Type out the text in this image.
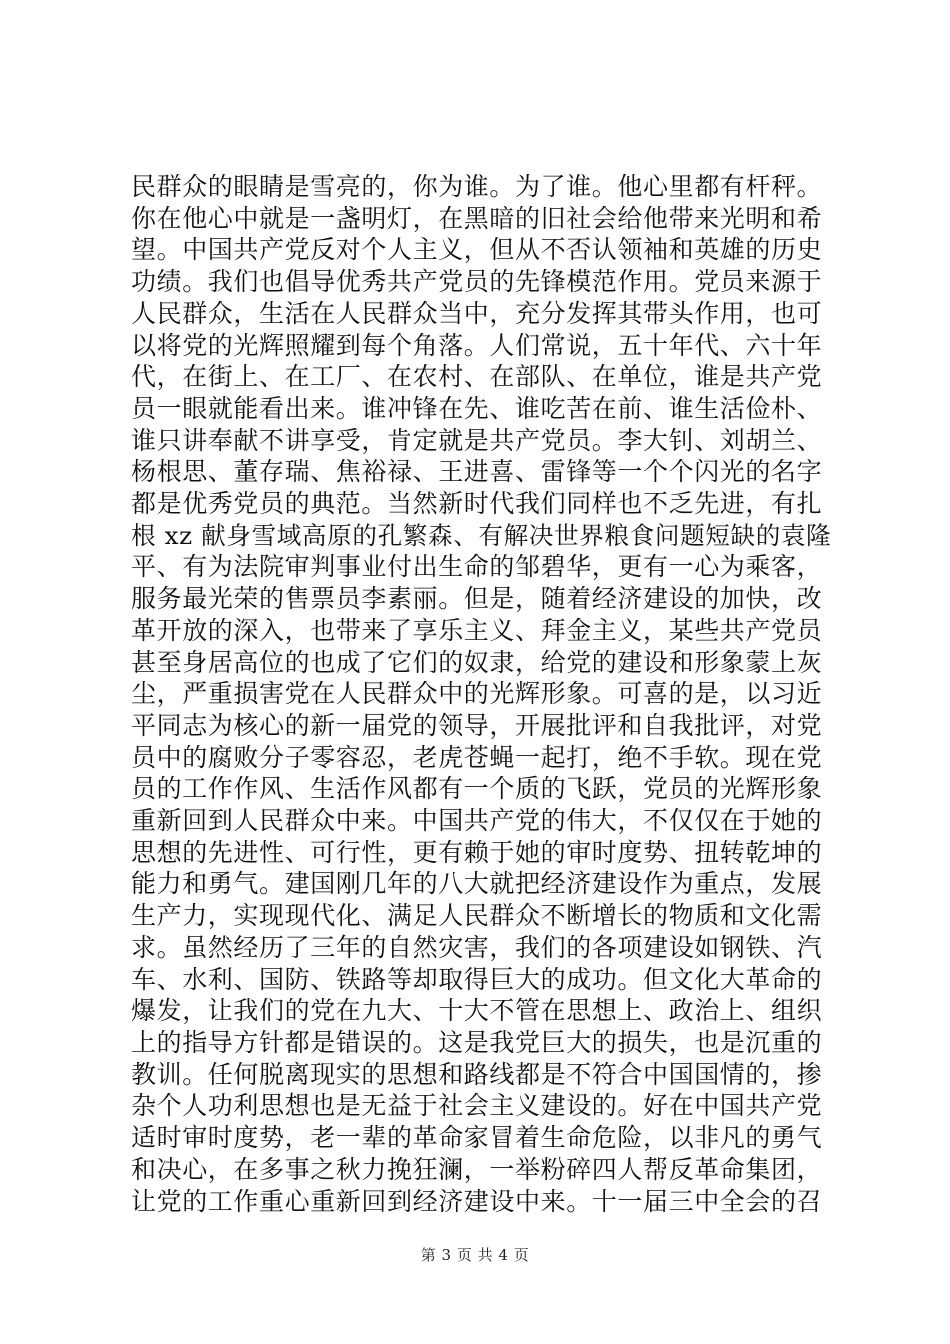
民群众的眼睛是雪亮的，你为谁。为了谁。他心里都有杆秤。
你在他心中就是一盏明灯，在黑暗的旧社会给他带来光明和希
望。中国共产党反对个人主义，但从不否认领袖和英雄的历史
功绩。我们也倡导优秀共产党员的先锋模范作用。党员来源于
人民群众，生活在人民群众当中，充分发挥其带头作用，也可
以将党的光辉照耀到每个角落。人们常说，五十年代、六十年
代，在街上、在工厂、在农村、在部队、在单位，谁是共产党
员一眼就能看出来。谁冲锋在先、谁吃苦在前、谁生活俭朴、
谁只讲奉献不讲享受，肯定就是共产党员。李大钊、刘胡兰、
杨根思、董存瑞、焦裕禄、王进喜、雷锋等一个个闪光的名字
都是优秀党员的典范。当然新时代我们同样也不乏先进，有扎
根 xz 献身雪域高原的孔繁森、有解决世界粮食问题短缺的袁隆
平、有为法院审判事业付出生命的邹碧华，更有一心为乘客，
服务最光荣的售票员李素丽。但是，随着经济建设的加快，改
革开放的深入，也带来了享乐主义、拜金主义，某些共产党员
甚至身居高位的也成了它们的奴隶，给党的建设和形象蒙上灰
尘，严重损害党在人民群众中的光辉形象。可喜的是，以习近
平同志为核心的新一届党的领导，开展批评和自我批评，对党
员中的腐败分子零容忍，老虎苍蝇一起打，绝不手软。现在党
员的工作作风、生活作风都有一个质的飞跃，党员的光辉形象
重新回到人民群众中来。中国共产党的伟大，不仅仅在于她的
思想的先进性、可行性，更有赖于她的审时度势、扭转乾坤的
能力和勇气。建国刚几年的八大就把经济建设作为重点，发展
生产力，实现现代化、满足人民群众不断增长的物质和文化需
求。虽然经历了三年的自然灾害，我们的各项建设如钢铁、汽
车、水利、国防、铁路等却取得巨大的成功。但文化大革命的
爆发，让我们的党在九大、十大不管在思想上、政治上、组织
上的指导方针都是错误的。这是我党巨大的损失，也是沉重的
教训。任何脱离现实的思想和路线都是不符合中国国情的，掺
杂个人功利思想也是无益于社会主义建设的。好在中国共产党
适时审时度势，老一辈的革命家冒着生命危险，以非凡的勇气
和决心，在多事之秋力挽狂澜，一举粉碎四人帮反革命集团，
让党的工作重心重新回到经济建设中来。十一届三中全会的召
第 3 页 共 4 页
